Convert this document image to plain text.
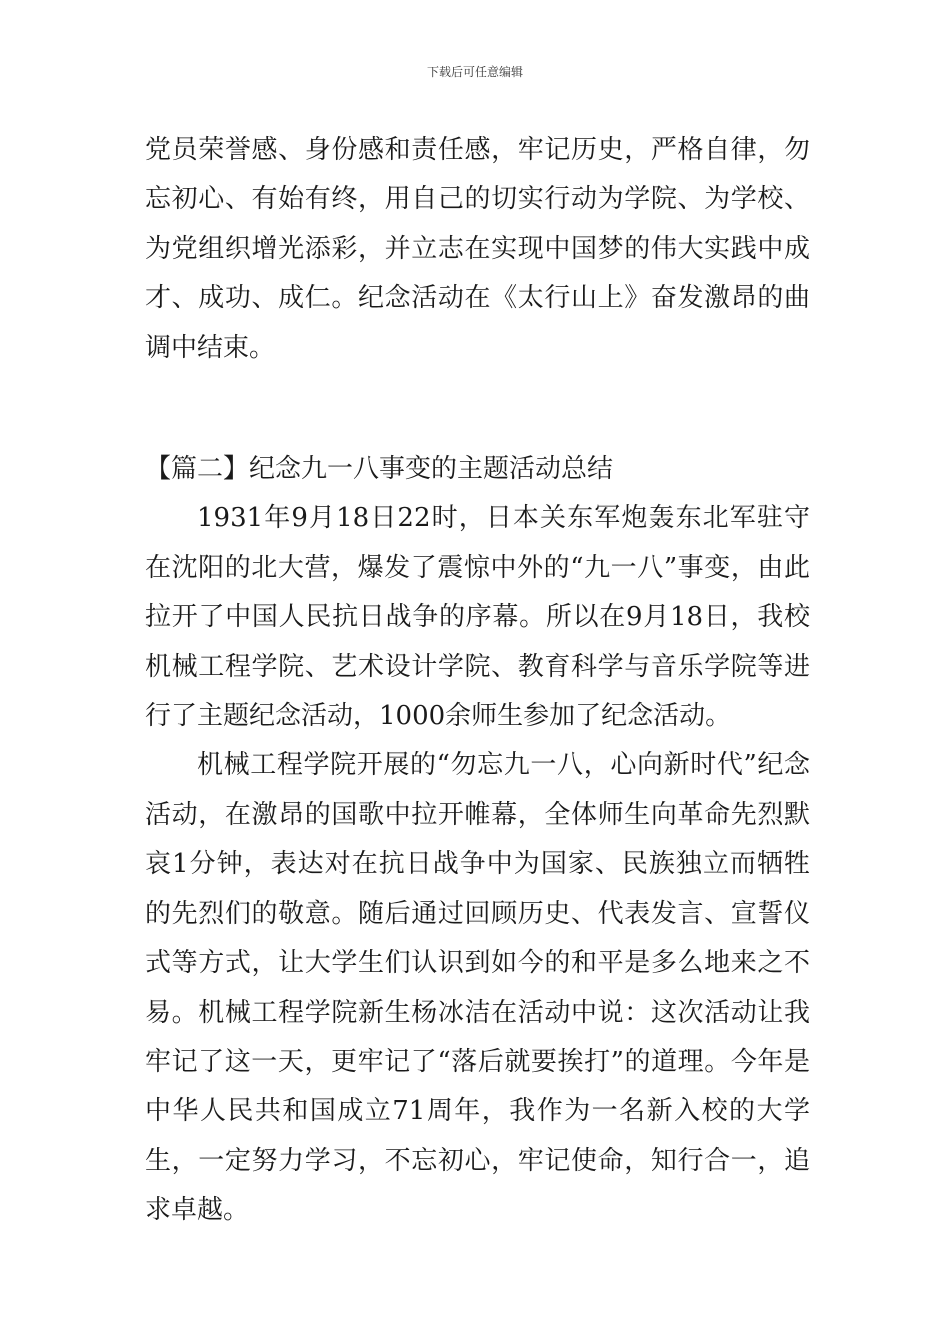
下载后可任意编辑

党员荣誉感、身份感和责任感，牢记历史，严格自律，勿忘初心、有始有终，用自己的切实行动为学院、为学校、为党组织增光添彩，并立志在实现中国梦的伟大实践中成才、成功、成仁。纪念活动在《太行山上》奋发激昂的曲调中结束。

【篇二】纪念九一八事变的主题活动总结

1931年9月18日22时，日本关东军炮轰东北军驻守在沈阳的北大营，爆发了震惊中外的“九一八”事变，由此拉开了中国人民抗日战争的序幕。所以在9月18日，我校机械工程学院、艺术设计学院、教育科学与音乐学院等进行了主题纪念活动，1000余师生参加了纪念活动。

机械工程学院开展的“勿忘九一八，心向新时代”纪念活动，在激昂的国歌中拉开帷幕，全体师生向革命先烈默哀1分钟，表达对在抗日战争中为国家、民族独立而牺牲的先烈们的敬意。随后通过回顾历史、代表发言、宣誓仪式等方式，让大学生们认识到如今的和平是多么地来之不易。机械工程学院新生杨冰洁在活动中说：这次活动让我牢记了这一天，更牢记了“落后就要挨打”的道理。今年是中华人民共和国成立71周年，我作为一名新入校的大学生，一定努力学习，不忘初心，牢记使命，知行合一，追求卓越。
